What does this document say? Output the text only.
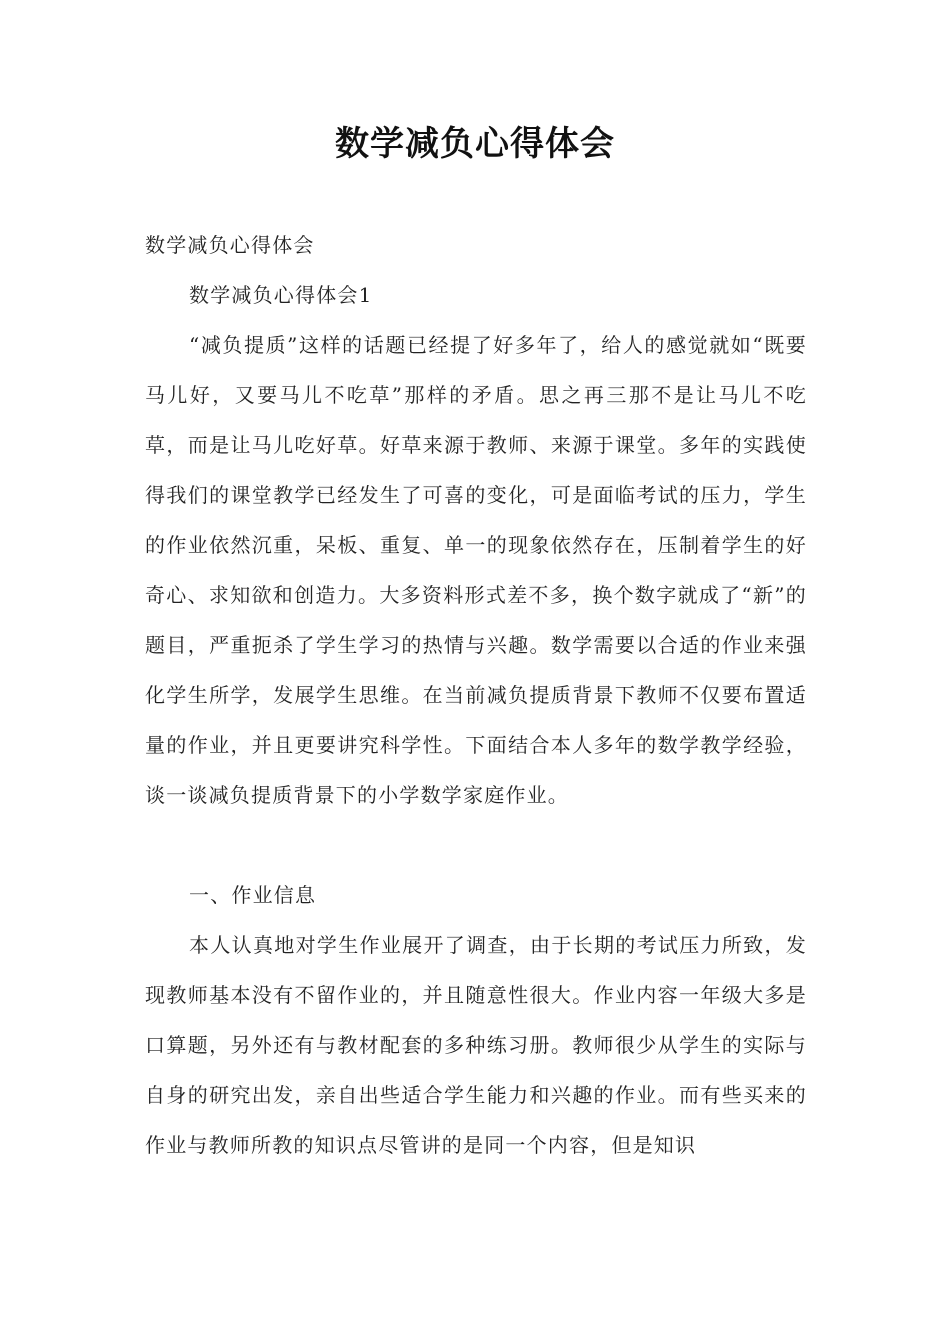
数学减负心得体会

数学减负心得体会

数学减负心得体会1

“减负提质”这样的话题已经提了好多年了，给人的感觉就如“既要马儿好，又要马儿不吃草”那样的矛盾。思之再三那不是让马儿不吃草，而是让马儿吃好草。好草来源于教师、来源于课堂。多年的实践使得我们的课堂教学已经发生了可喜的变化，可是面临考试的压力，学生的作业依然沉重，呆板、重复、单一的现象依然存在，压制着学生的好奇心、求知欲和创造力。大多资料形式差不多，换个数字就成了“新”的题目，严重扼杀了学生学习的热情与兴趣。数学需要以合适的作业来强化学生所学，发展学生思维。在当前减负提质背景下教师不仅要布置适量的作业，并且更要讲究科学性。下面结合本人多年的数学教学经验，谈一谈减负提质背景下的小学数学家庭作业。

一、作业信息

本人认真地对学生作业展开了调查，由于长期的考试压力所致，发现教师基本没有不留作业的，并且随意性很大。作业内容一年级大多是口算题，另外还有与教材配套的多种练习册。教师很少从学生的实际与自身的研究出发，亲自出些适合学生能力和兴趣的作业。而有些买来的作业与教师所教的知识点尽管讲的是同一个内容，但是知识
